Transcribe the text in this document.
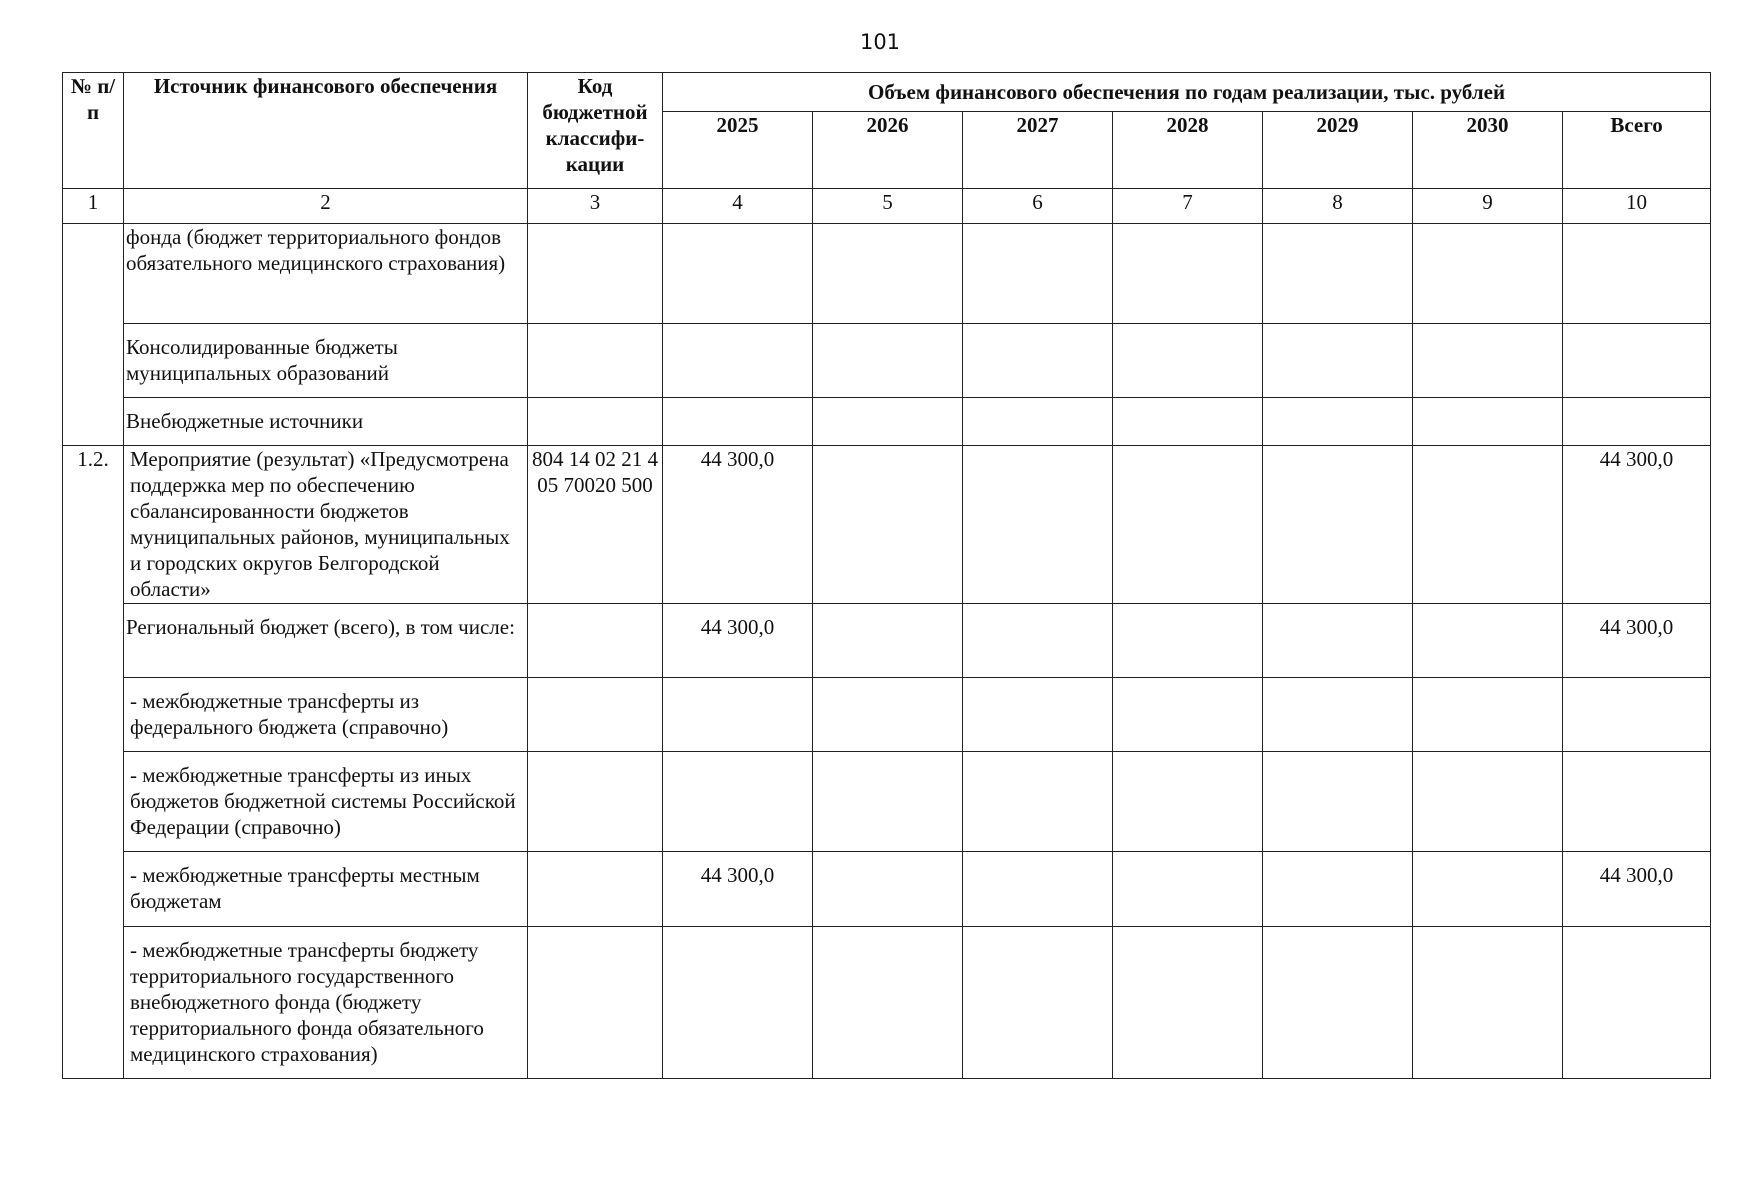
101
№ п/п	Источник финансового обеспечения	Код бюджетной классифи-кации	Объем финансового обеспечения по годам реализации, тыс. рублей						
			2025	2026	2027	2028	2029	2030	Всего
1	2	3	4	5	6	7	8	9	10
	фонда (бюджет территориального фондов обязательного медицинского страхования)								
	Консолидированные бюджеты муниципальных образований								
	Внебюджетные источники								
1.2.	Мероприятие (результат) «Предусмотрена поддержка мер по обеспечению сбалансированности бюджетов муниципальных районов, муниципальных и городских округов Белгородской области»	804 14 02 21 4 05 70020 500	44 300,0						44 300,0
	Региональный бюджет (всего), в том числе:		44 300,0						44 300,0
	- межбюджетные трансферты из федерального бюджета (справочно)								
	- межбюджетные трансферты из иных бюджетов бюджетной системы Российской Федерации (справочно)								
	- межбюджетные трансферты местным бюджетам		44 300,0						44 300,0
	- межбюджетные трансферты бюджету территориального государственного внебюджетного фонда (бюджету территориального фонда обязательного медицинского страхования)								
